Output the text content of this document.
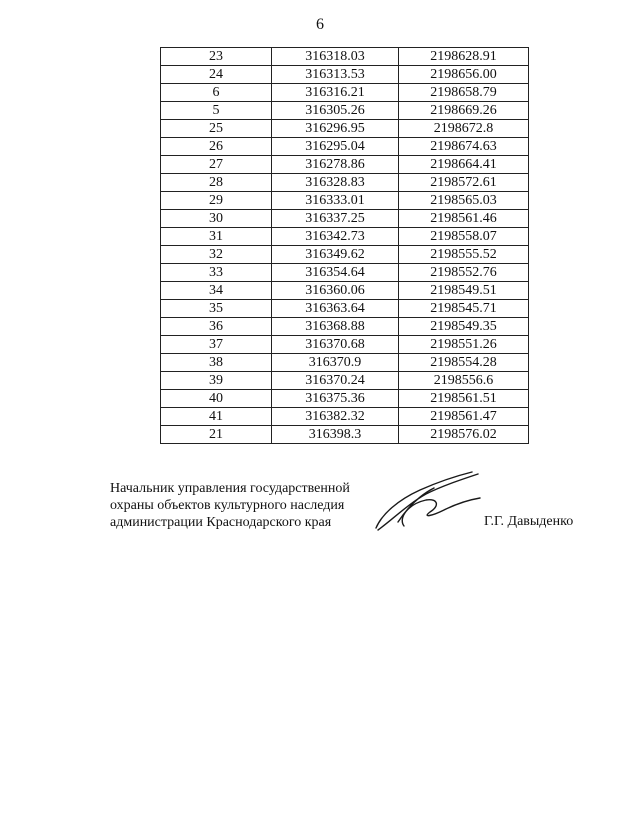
6
23	316318.03	2198628.91
24	316313.53	2198656.00
6	316316.21	2198658.79
5	316305.26	2198669.26
25	316296.95	2198672.8
26	316295.04	2198674.63
27	316278.86	2198664.41
28	316328.83	2198572.61
29	316333.01	2198565.03
30	316337.25	2198561.46
31	316342.73	2198558.07
32	316349.62	2198555.52
33	316354.64	2198552.76
34	316360.06	2198549.51
35	316363.64	2198545.71
36	316368.88	2198549.35
37	316370.68	2198551.26
38	316370.9	2198554.28
39	316370.24	2198556.6
40	316375.36	2198561.51
41	316382.32	2198561.47
21	316398.3	2198576.02
Начальник управления государственной
охраны объектов культурного наследия
администрации Краснодарского края	Г.Г. Давыденко
